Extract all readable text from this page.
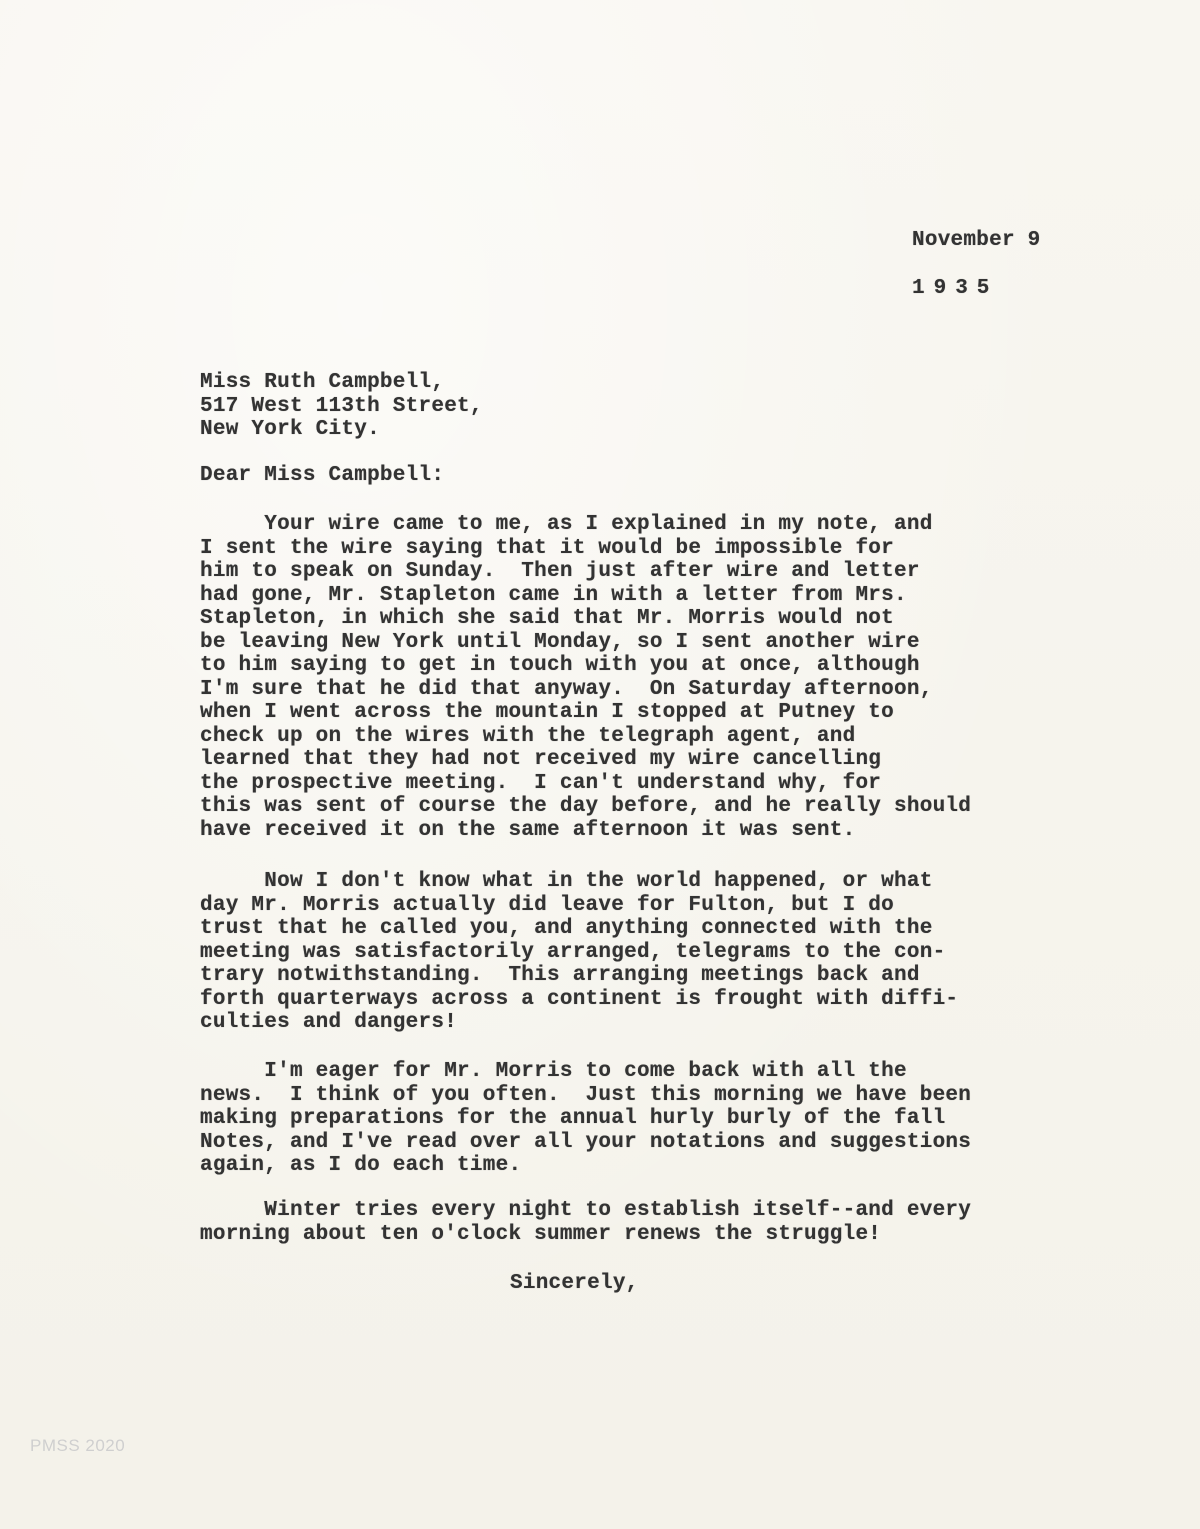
November 9
1935
Miss Ruth Campbell,
517 West 113th Street,
New York City.
Dear Miss Campbell:
Your wire came to me, as I explained in my note, and
I sent the wire saying that it would be impossible for
him to speak on Sunday.  Then just after wire and letter
had gone, Mr. Stapleton came in with a letter from Mrs.
Stapleton, in which she said that Mr. Morris would not
be leaving New York until Monday, so I sent another wire
to him saying to get in touch with you at once, although
I'm sure that he did that anyway.  On Saturday afternoon,
when I went across the mountain I stopped at Putney to
check up on the wires with the telegraph agent, and
learned that they had not received my wire cancelling
the prospective meeting.  I can't understand why, for
this was sent of course the day before, and he really should
have received it on the same afternoon it was sent.
Now I don't know what in the world happened, or what
day Mr. Morris actually did leave for Fulton, but I do
trust that he called you, and anything connected with the
meeting was satisfactorily arranged, telegrams to the con-
trary notwithstanding.  This arranging meetings back and
forth quarterways across a continent is frought with diffi-
culties and dangers!
I'm eager for Mr. Morris to come back with all the
news.  I think of you often.  Just this morning we have been
making preparations for the annual hurly burly of the fall
Notes, and I've read over all your notations and suggestions
again, as I do each time.
Winter tries every night to establish itself--and every
morning about ten o'clock summer renews the struggle!
Sincerely,
PMSS 2020
